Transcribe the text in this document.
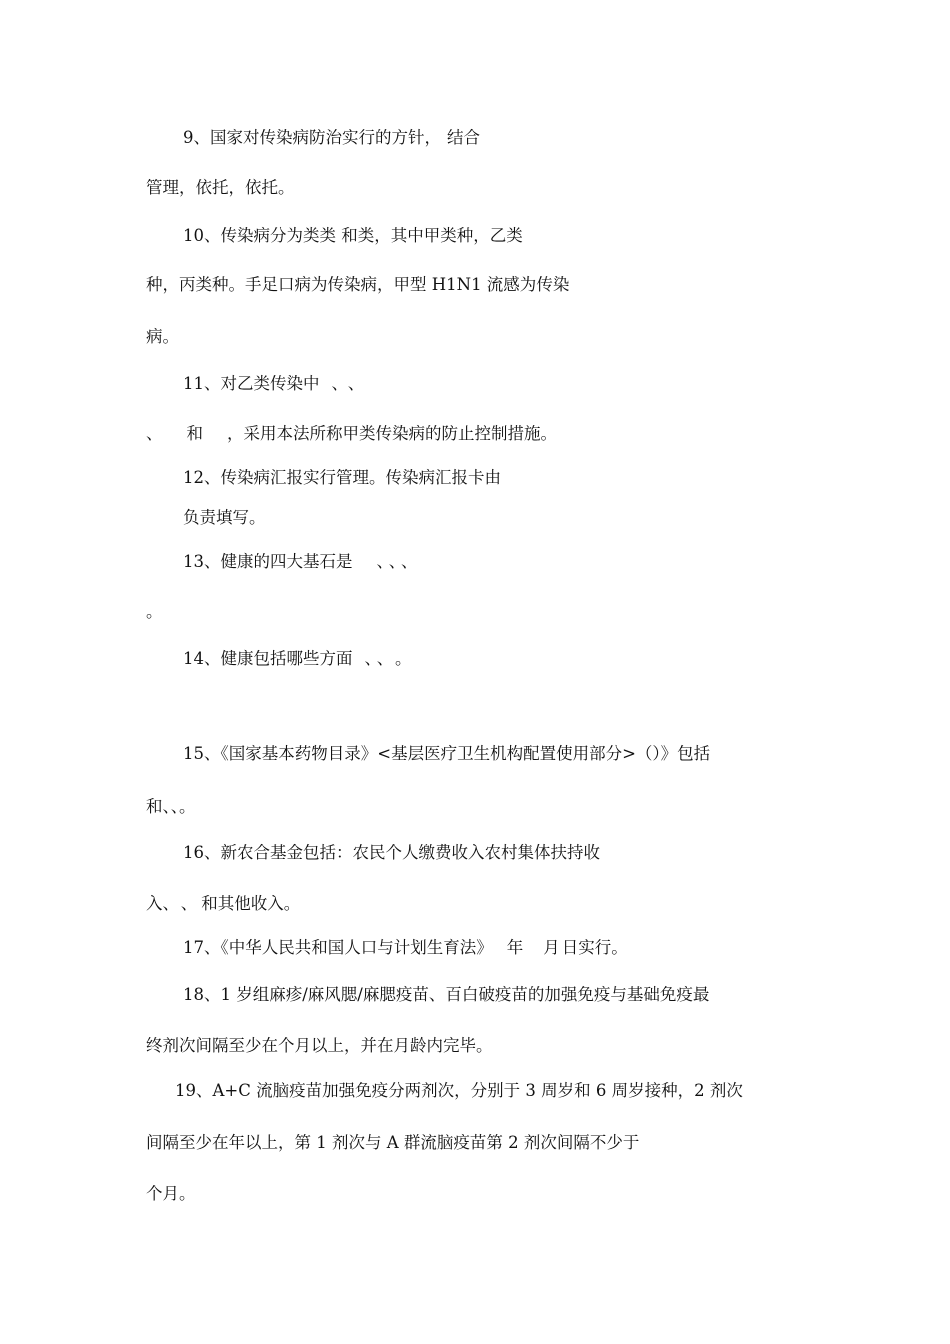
9、国家对传染病防治实行的方针， 结合
管理，依托，依托。
10、传染病分为类类 和类，其中甲类种，乙类
种，丙类种。手足口病为传染病，甲型 H1N1 流感为传染
病。
11、对乙类传染中 、 、
、 和 ，采用本法所称甲类传染病的防止控制措施。
12、传染病汇报实行管理。传染病汇报卡由
负责填写。
13、健康的四大基石是 、 、 、
。
14、健康包括哪些方面 、 、 。
15、《国家基本药物目录》<基层医疗卫生机构配置使用部分>（）》包括
和、、。
16、新农合基金包括：农民个人缴费收入农村集体扶持收
入、 、 和其他收入。
17、《中华人民共和国人口与计划生育法》 年 月 日实行。
18、1 岁组麻疹/麻风腮/麻腮疫苗、百白破疫苗的加强免疫与基础免疫最
终剂次间隔至少在个月以上，并在月龄内完毕。
19、A+C 流脑疫苗加强免疫分两剂次，分别于 3 周岁和 6 周岁接种，2 剂次
间隔至少在年以上，第 1 剂次与 A 群流脑疫苗第 2 剂次间隔不少于
个月。
